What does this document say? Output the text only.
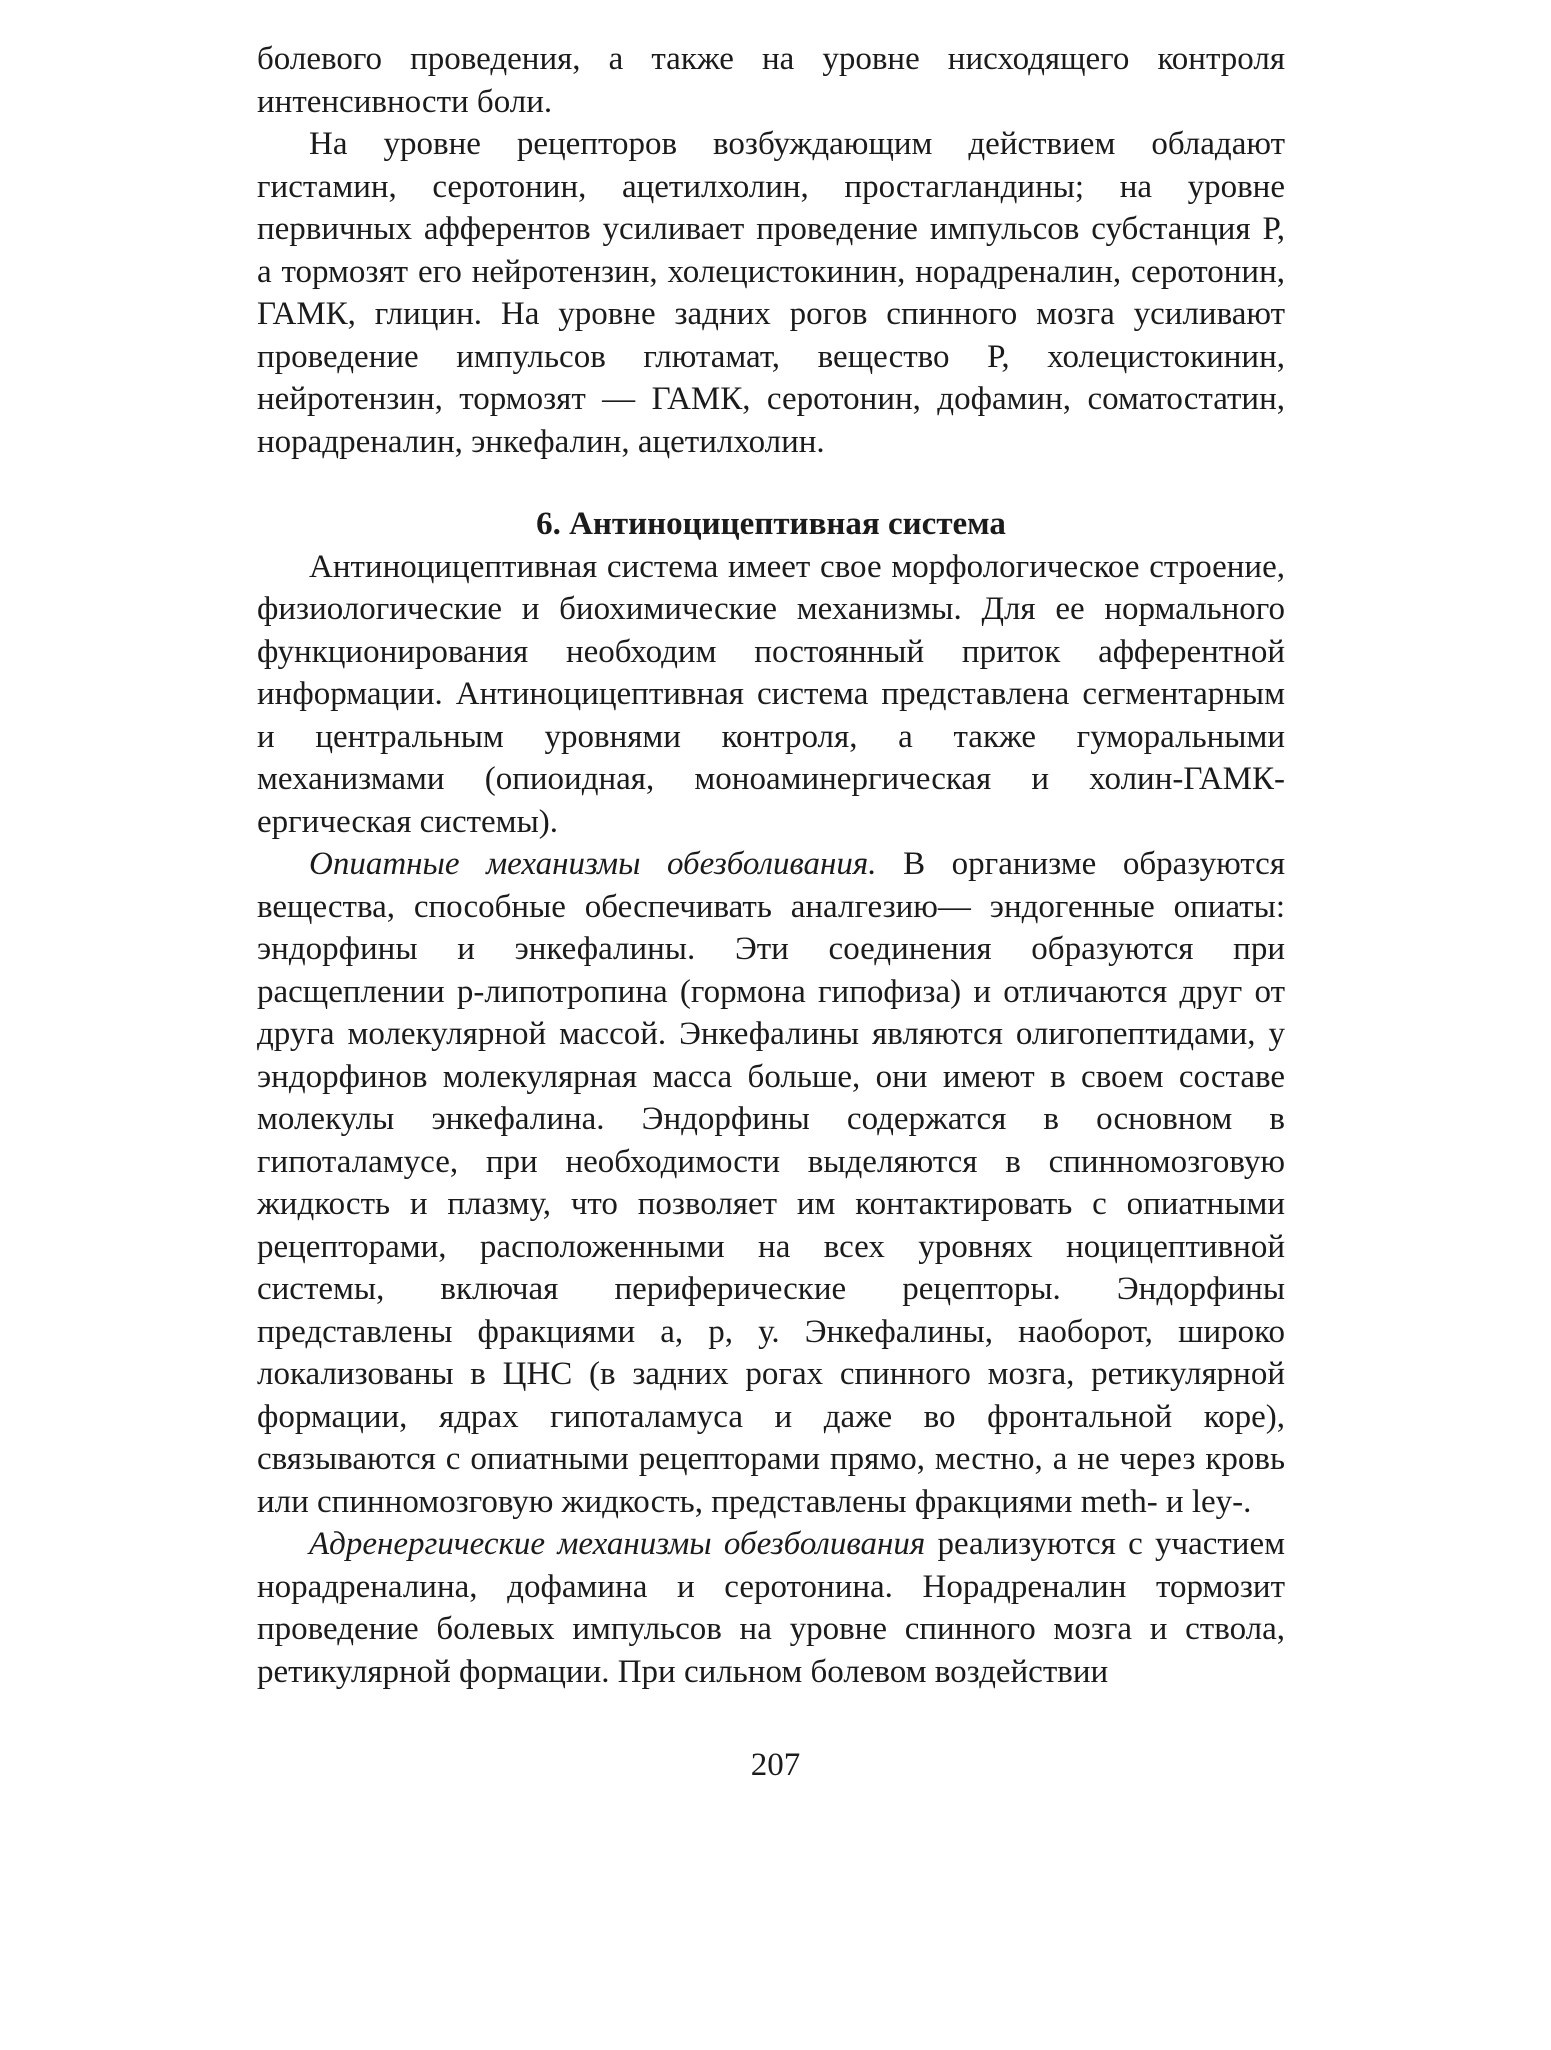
болевого проведения, а также на уровне нисходящего контроля интенсивности боли.

На уровне рецепторов возбуждающим действием обладают гистамин, серотонин, ацетилхолин, простагландины; на уровне первичных афферентов усиливает проведение импульсов субстанция Р, а тормозят его нейротензин, холецистокинин, норадреналин, серотонин, ГАМК, глицин. На уровне задних рогов спинного мозга усиливают проведение импульсов глютамат, вещество Р, холецистокинин, нейротензин, тормозят — ГАМК, серотонин, дофамин, соматостатин, норадреналин, энкефалин, ацетилхолин.

6. Антиноцицептивная система

Антиноцицептивная система имеет свое морфологическое строение, физиологические и биохимические механизмы. Для ее нормального функционирования необходим постоянный приток афферентной информации. Антиноцицептивная система представлена сегментарным и центральным уровнями контроля, а также гуморальными механизмами (опиоидная, моноаминергическая и холин-ГАМК-ергическая системы).

Опиатные механизмы обезболивания. В организме образуются вещества, способные обеспечивать аналгезию— эндогенные опиаты: эндорфины и энкефалины. Эти соединения образуются при расщеплении р-липотропина (гормона гипофиза) и отличаются друг от друга молекулярной массой. Энкефалины являются олигопептидами, у эндорфинов молекулярная масса больше, они имеют в своем составе молекулы энкефалина. Эндорфины содержатся в основном в гипоталамусе, при необходимости выделяются в спинномозговую жидкость и плазму, что позволяет им контактировать с опиатными рецепторами, расположенными на всех уровнях ноцицептивной системы, включая периферические рецепторы. Эндорфины представлены фракциями а, р, у. Энкефалины, наоборот, широко локализованы в ЦНС (в задних рогах спинного мозга, ретикулярной формации, ядрах гипоталамуса и даже во фронтальной коре), связываются с опиатными рецепторами прямо, местно, а не через кровь или спинномозговую жидкость, представлены фракциями meth- и ley-.

Адренергические механизмы обезболивания реализуются с участием норадреналина, дофамина и серотонина. Норадреналин тормозит проведение болевых импульсов на уровне спинного мозга и ствола, ретикулярной формации. При сильном болевом воздействии

207
